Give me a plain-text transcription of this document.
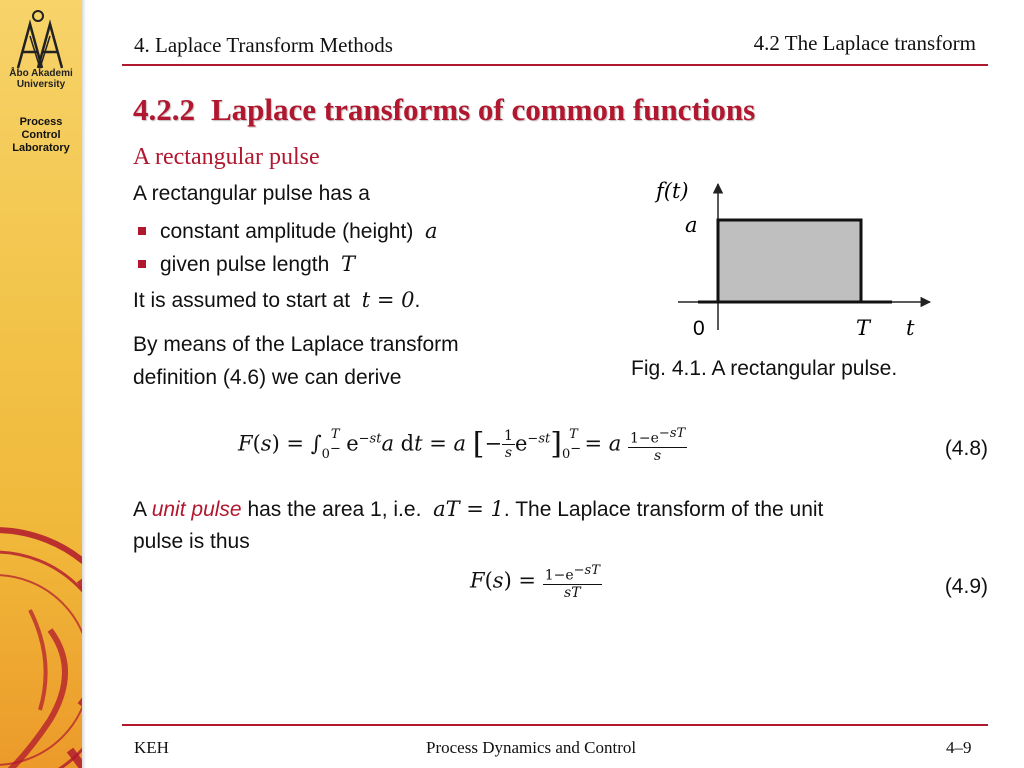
Åbo Akademi
University
Process
Control
Laboratory
4. Laplace Transform Methods	4.2 The Laplace transform
4.2.2 Laplace transforms of common functions
A rectangular pulse
A rectangular pulse has a
constant amplitude (height) a
given pulse length T
It is assumed to start at t = 0.
By means of the Laplace transform
definition (4.6) we can derive
f(t)
a
0	T t
Fig. 4.1. A rectangular pulse.
$F(s) = \int_{0^-}^T$ $e^{-st}a$ dt = a [− $\frac{1}{s} e^{-st}]_{0^-}^T = a \frac{1-e^{-sT}}{s}$	(4.8)
A unit pulse has the area 1, i.e. aT = 1. The Laplace transform of the unit
pulse is thus
$F(s) = \frac{1-e^{-sT}}{sT}$	(4.9)
KEH	Process Dynamics and Control	4–9
